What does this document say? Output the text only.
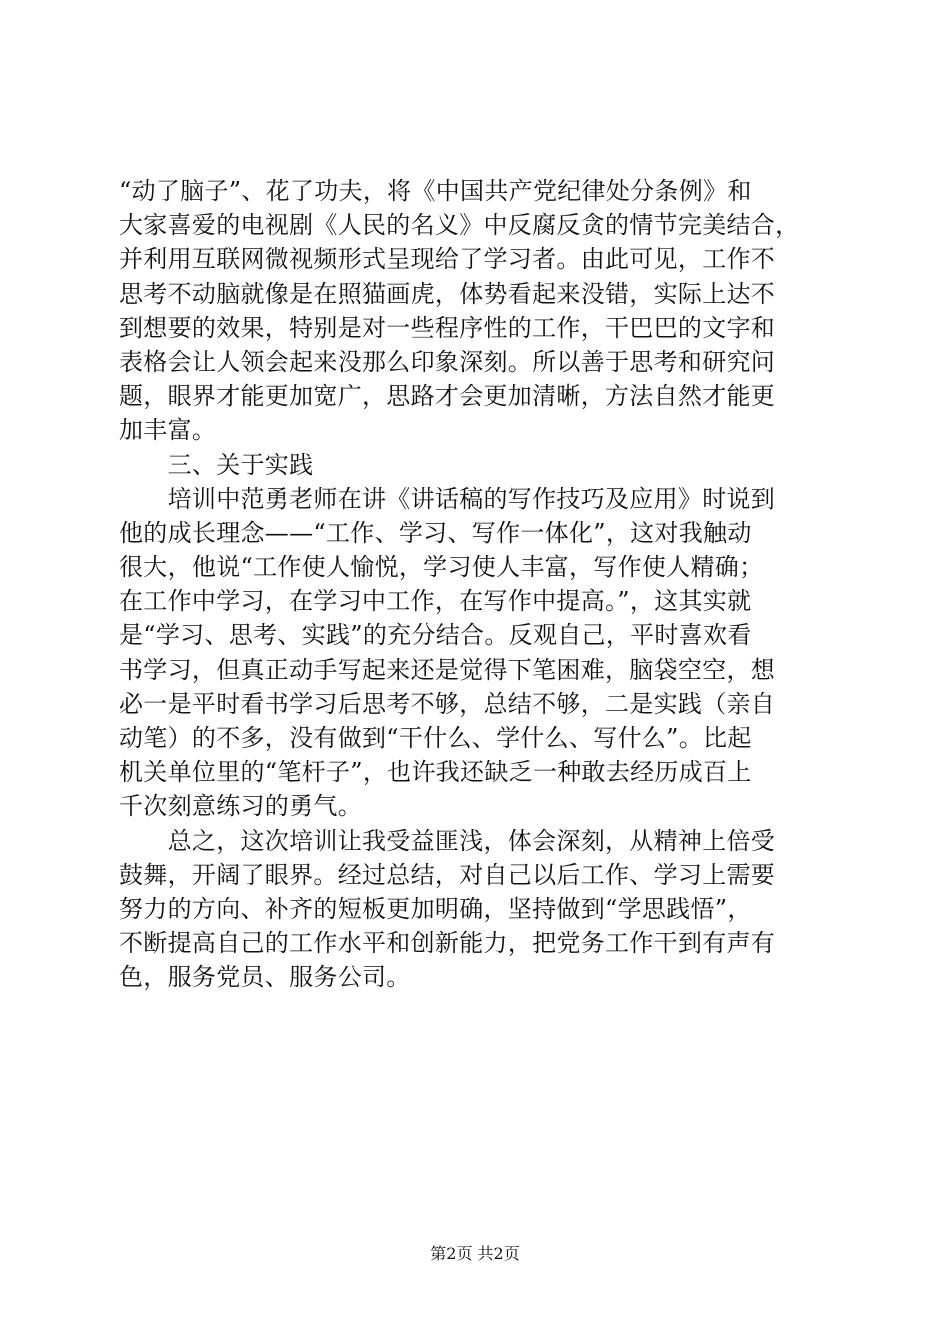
“动了脑子”、花了功夫，将《中国共产党纪律处分条例》和
大家喜爱的电视剧《人民的名义》中反腐反贪的情节完美结合，
并利用互联网微视频形式呈现给了学习者。由此可见，工作不
思考不动脑就像是在照猫画虎，体势看起来没错，实际上达不
到想要的效果，特别是对一些程序性的工作，干巴巴的文字和
表格会让人领会起来没那么印象深刻。所以善于思考和研究问
题，眼界才能更加宽广，思路才会更加清晰，方法自然才能更
加丰富。
　　三、关于实践
　　培训中范勇老师在讲《讲话稿的写作技巧及应用》时说到
他的成长理念——“工作、学习、写作一体化”，这对我触动
很大，他说“工作使人愉悦，学习使人丰富，写作使人精确；
在工作中学习，在学习中工作，在写作中提高。”，这其实就
是“学习、思考、实践”的充分结合。反观自己，平时喜欢看
书学习，但真正动手写起来还是觉得下笔困难，脑袋空空，想
必一是平时看书学习后思考不够，总结不够，二是实践（亲自
动笔）的不多，没有做到“干什么、学什么、写什么”。比起
机关单位里的“笔杆子”，也许我还缺乏一种敢去经历成百上
千次刻意练习的勇气。
　　总之，这次培训让我受益匪浅，体会深刻，从精神上倍受
鼓舞，开阔了眼界。经过总结，对自己以后工作、学习上需要
努力的方向、补齐的短板更加明确，坚持做到“学思践悟”，
不断提高自己的工作水平和创新能力，把党务工作干到有声有
色，服务党员、服务公司。
第2页 共2页
